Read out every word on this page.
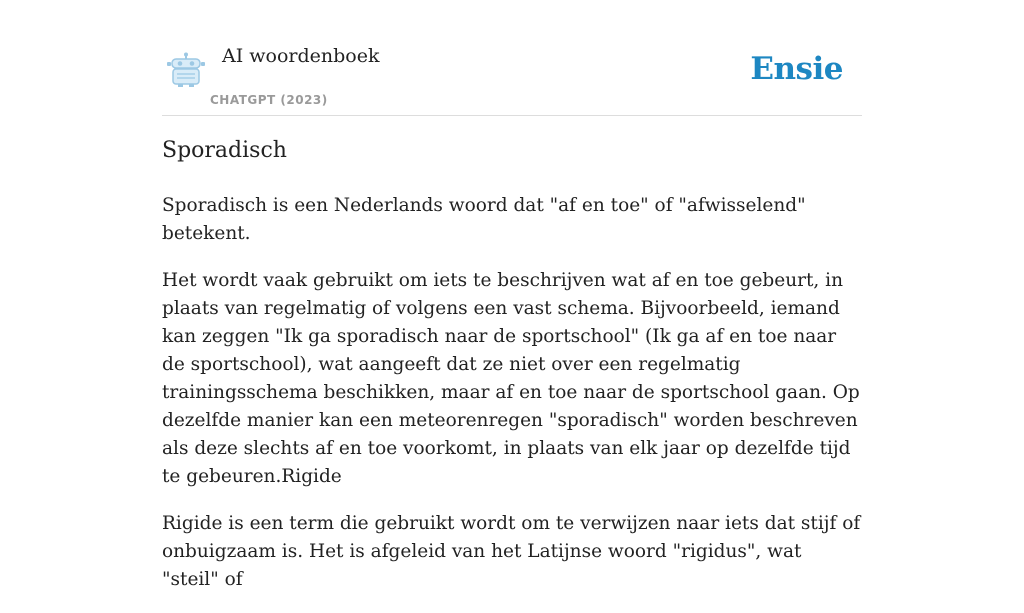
AI woordenboek
CHATGPT (2023)
Ensie
Sporadisch

Sporadisch is een Nederlands woord dat "af en toe" of "afwisselend" betekent.

Het wordt vaak gebruikt om iets te beschrijven wat af en toe gebeurt, in plaats van regelmatig of volgens een vast schema. Bijvoorbeeld, iemand kan zeggen "Ik ga sporadisch naar de sportschool" (Ik ga af en toe naar de sportschool), wat aangeeft dat ze niet over een regelmatig trainingsschema beschikken, maar af en toe naar de sportschool gaan. Op dezelfde manier kan een meteorenregen "sporadisch" worden beschreven als deze slechts af en toe voorkomt, in plaats van elk jaar op dezelfde tijd te gebeuren.Rigide

Rigide is een term die gebruikt wordt om te verwijzen naar iets dat stijf of onbuigzaam is. Het is afgeleid van het Latijnse woord "rigidus", wat "steil" of
